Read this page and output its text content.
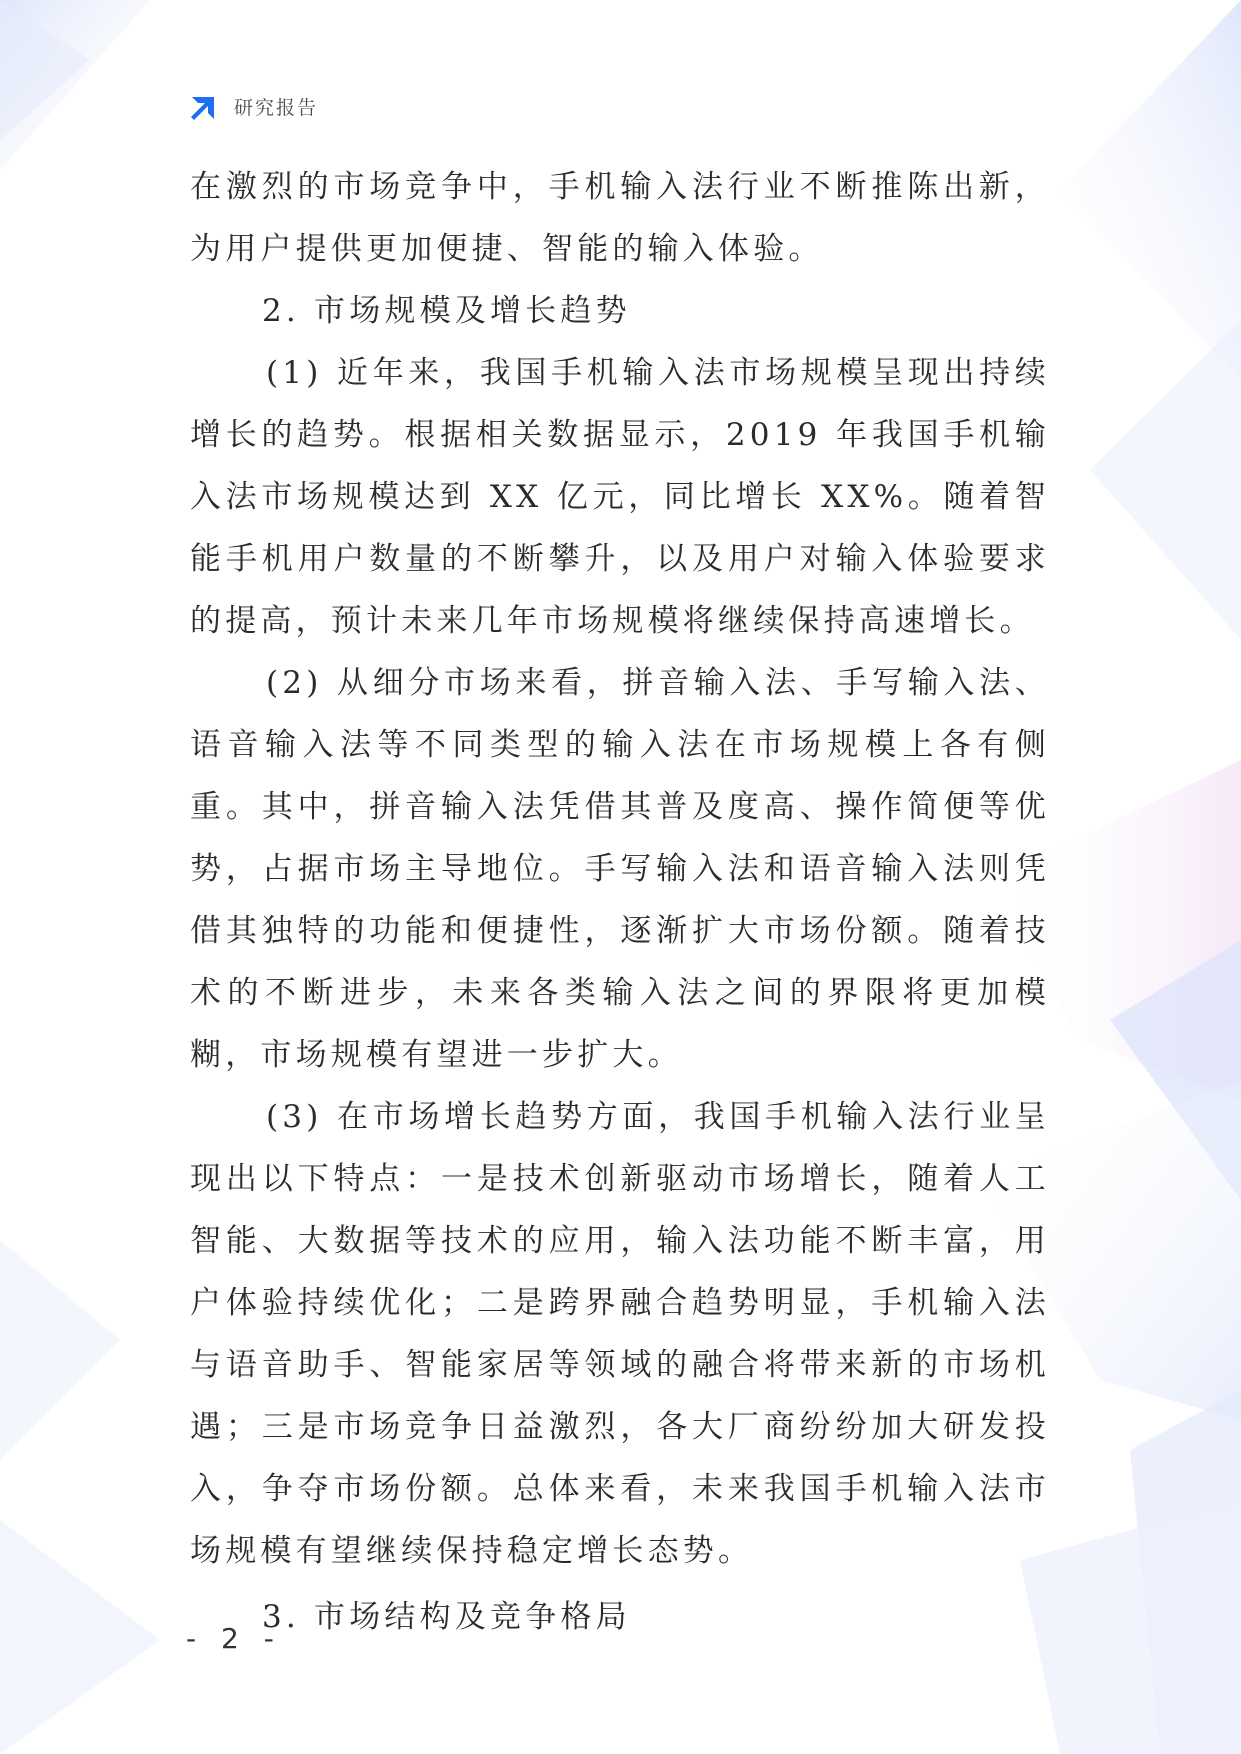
研究报告

在激烈的市场竞争中，手机输入法行业不断推陈出新，为用户提供更加便捷、智能的输入体验。

2. 市场规模及增长趋势

(1) 近年来，我国手机输入法市场规模呈现出持续增长的趋势。根据相关数据显示，2019 年我国手机输入法市场规模达到 XX 亿元，同比增长 XX%。随着智能手机用户数量的不断攀升，以及用户对输入体验要求的提高，预计未来几年市场规模将继续保持高速增长。

(2) 从细分市场来看，拼音输入法、手写输入法、语音输入法等不同类型的输入法在市场规模上各有侧重。其中，拼音输入法凭借其普及度高、操作简便等优势，占据市场主导地位。手写输入法和语音输入法则凭借其独特的功能和便捷性，逐渐扩大市场份额。随着技术的不断进步，未来各类输入法之间的界限将更加模糊，市场规模有望进一步扩大。

(3) 在市场增长趋势方面，我国手机输入法行业呈现出以下特点：一是技术创新驱动市场增长，随着人工智能、大数据等技术的应用，输入法功能不断丰富，用户体验持续优化；二是跨界融合趋势明显，手机输入法与语音助手、智能家居等领域的融合将带来新的市场机遇；三是市场竞争日益激烈，各大厂商纷纷加大研发投入，争夺市场份额。总体来看，未来我国手机输入法市场规模有望继续保持稳定增长态势。

3. 市场结构及竞争格局

- 2 -
